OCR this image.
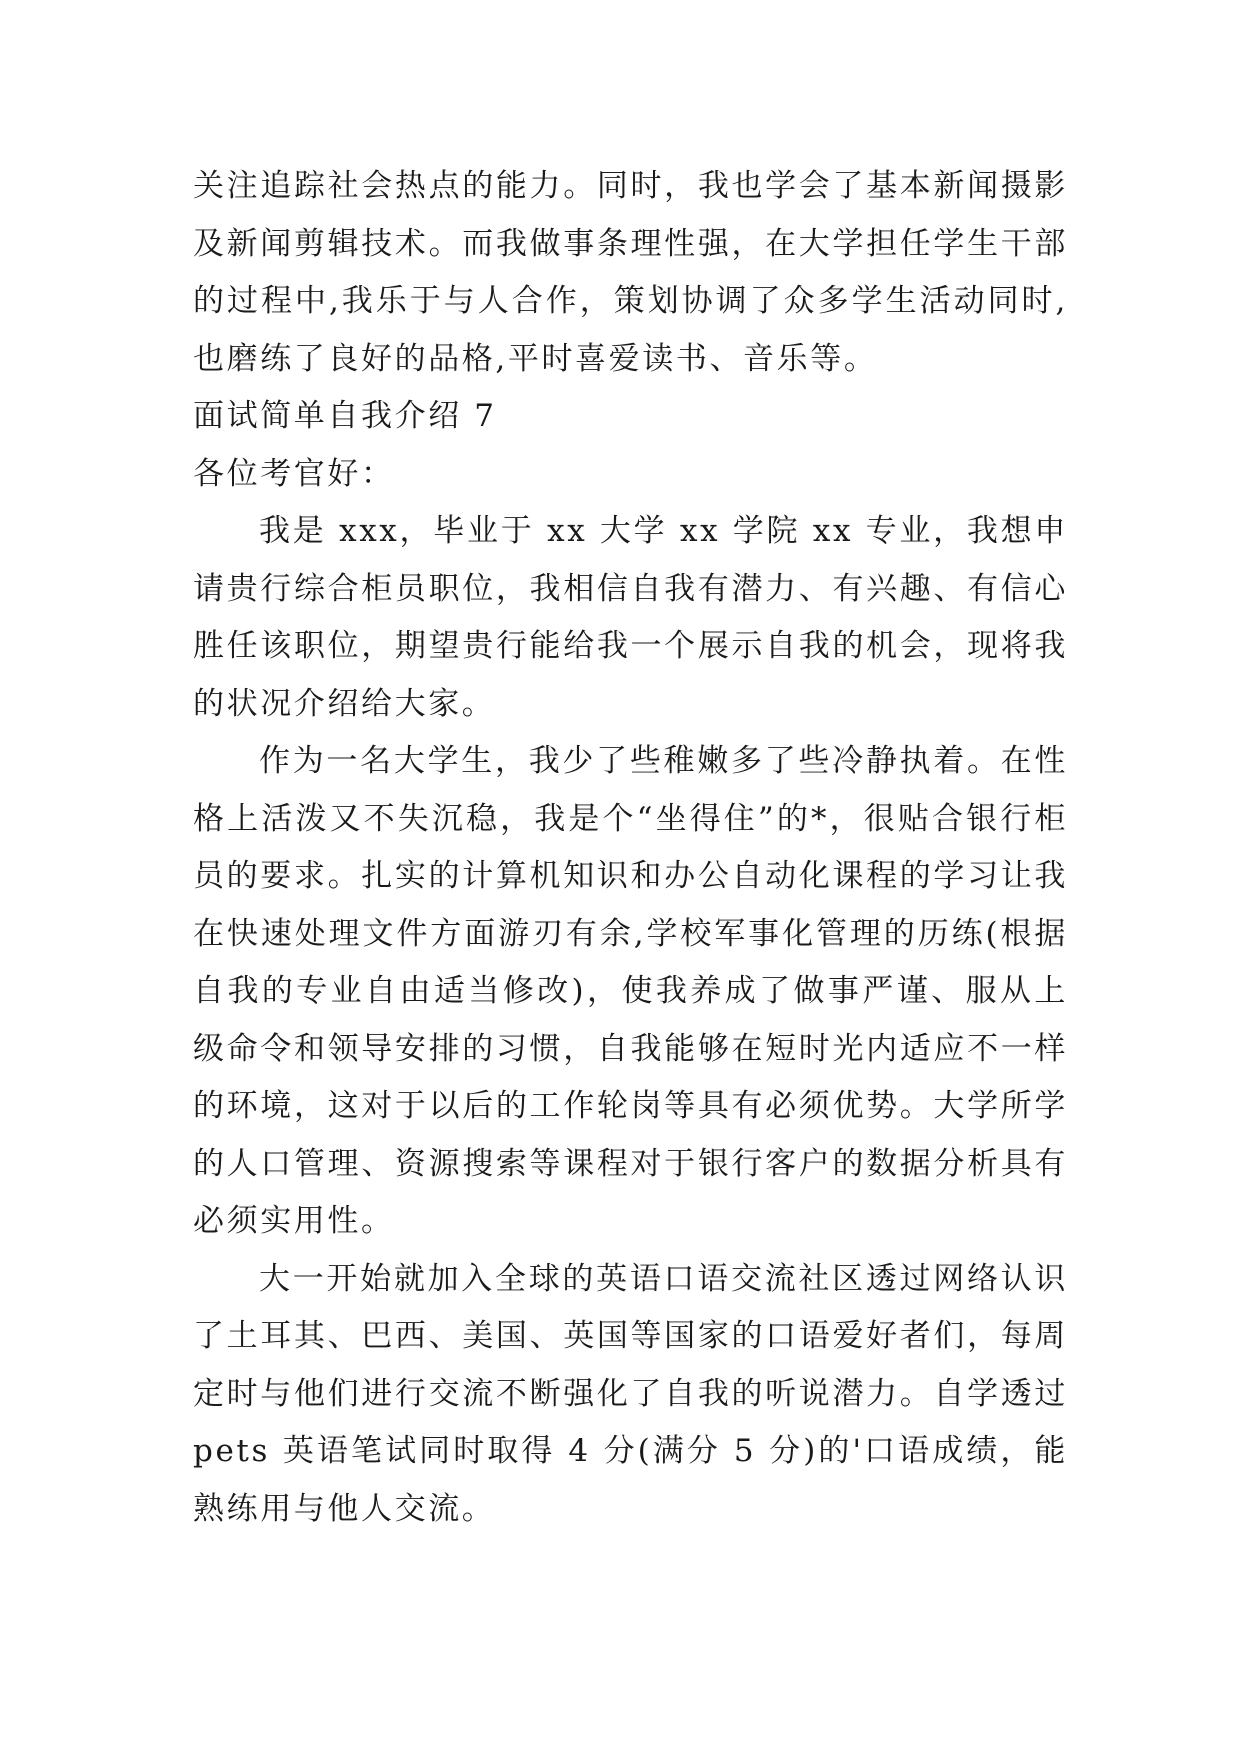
关注追踪社会热点的能力。同时，我也学会了基本新闻摄影及新闻剪辑技术。而我做事条理性强，在大学担任学生干部的过程中,我乐于与人合作，策划协调了众多学生活动同时,也磨练了良好的品格,平时喜爱读书、音乐等。

面试简单自我介绍 7

各位考官好：

我是 xxx，毕业于 xx 大学 xx 学院 xx 专业，我想申请贵行综合柜员职位，我相信自我有潜力、有兴趣、有信心胜任该职位，期望贵行能给我一个展示自我的机会，现将我的状况介绍给大家。

作为一名大学生，我少了些稚嫩多了些冷静执着。在性格上活泼又不失沉稳，我是个“坐得住”的*，很贴合银行柜员的要求。扎实的计算机知识和办公自动化课程的学习让我在快速处理文件方面游刃有余,学校军事化管理的历练(根据自我的专业自由适当修改)，使我养成了做事严谨、服从上级命令和领导安排的习惯，自我能够在短时光内适应不一样的环境，这对于以后的工作轮岗等具有必须优势。大学所学的人口管理、资源搜索等课程对于银行客户的数据分析具有必须实用性。

大一开始就加入全球的英语口语交流社区透过网络认识了土耳其、巴西、美国、英国等国家的口语爱好者们，每周定时与他们进行交流不断强化了自我的听说潜力。自学透过 pets 英语笔试同时取得 4 分(满分 5 分)的'口语成绩，能熟练用与他人交流。
